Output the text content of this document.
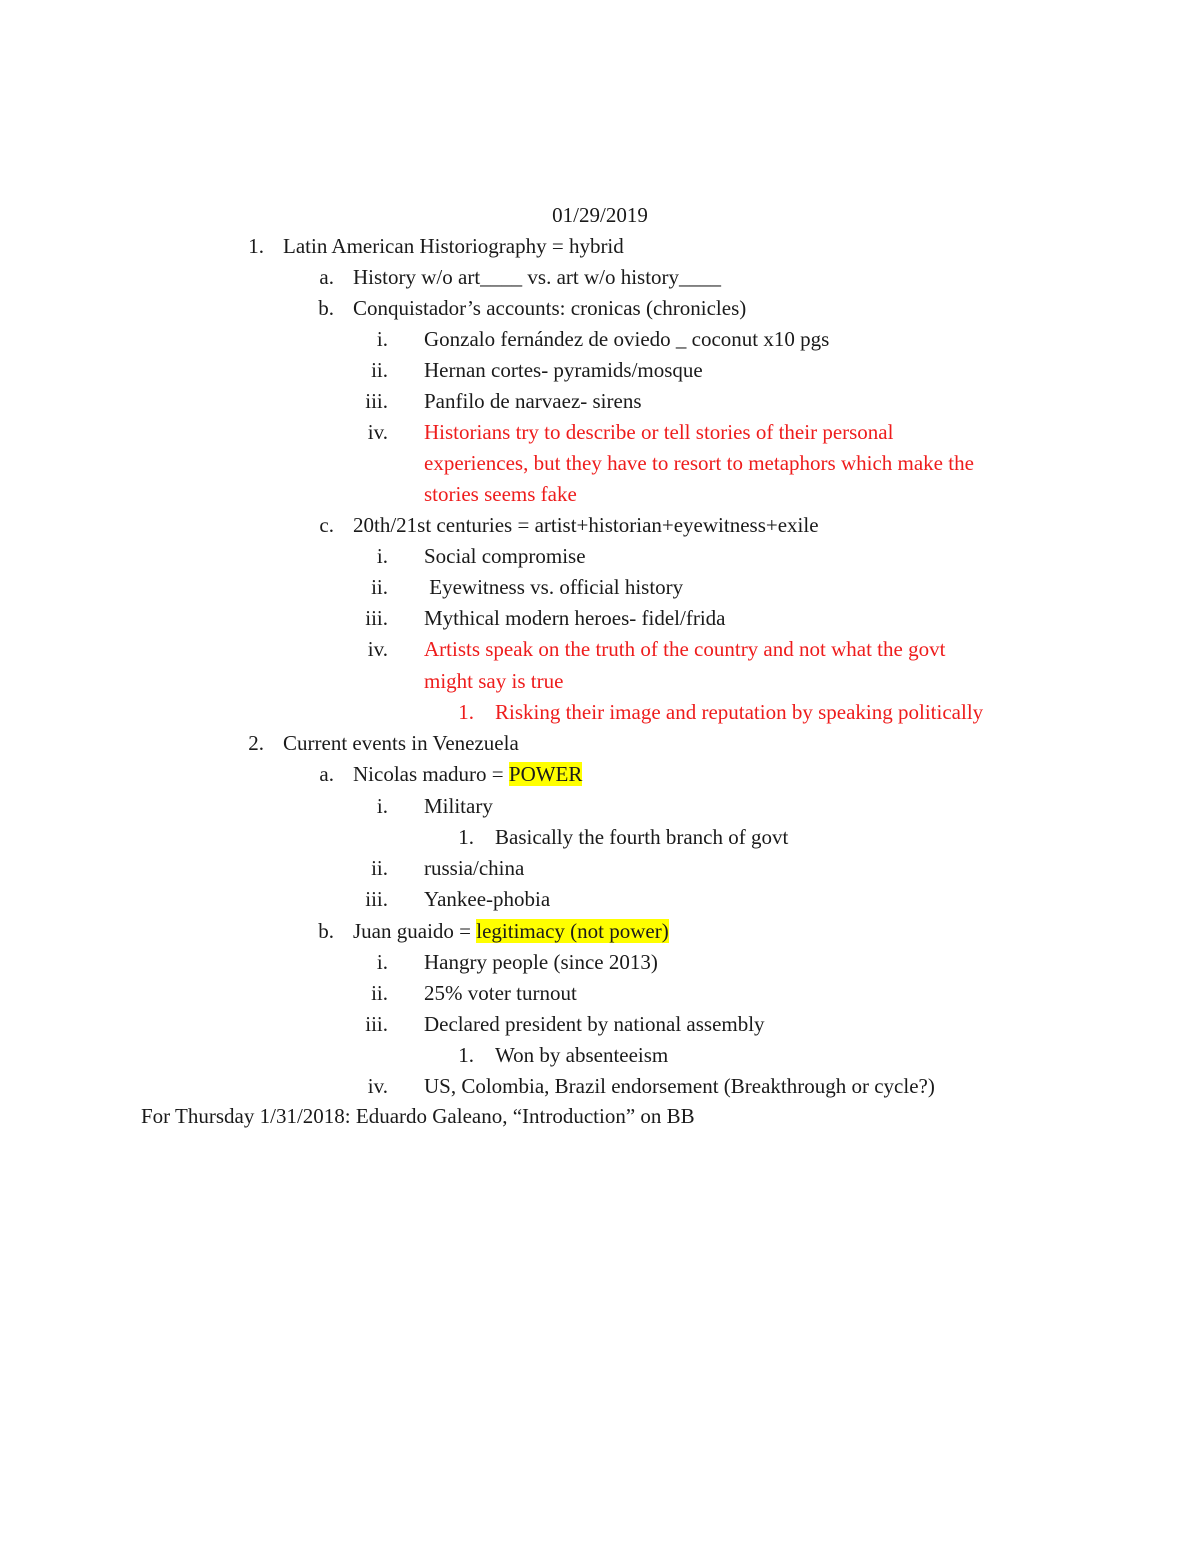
01/29/2019
1. Latin American Historiography = hybrid
a. History w/o art____ vs. art w/o history____
b. Conquistador’s accounts: cronicas (chronicles)
i. Gonzalo fernández de oviedo _ coconut x10 pgs
ii. Hernan cortes- pyramids/mosque
iii. Panfilo de narvaez- sirens
iv. Historians try to describe or tell stories of their personal
experiences, but they have to resort to metaphors which make the
stories seems fake
c. 20th/21st centuries = artist+historian+eyewitness+exile
i. Social compromise
ii. Eyewitness vs. official history
iii. Mythical modern heroes- fidel/frida
iv. Artists speak on the truth of the country and not what the govt
might say is true
1. Risking their image and reputation by speaking politically
2. Current events in Venezuela
a. Nicolas maduro = POWER
i. Military
1. Basically the fourth branch of govt
ii. russia/china
iii. Yankee-phobia
b. Juan guaido = legitimacy (not power)
i. Hangry people (since 2013)
ii. 25% voter turnout
iii. Declared president by national assembly
1. Won by absenteeism
iv. US, Colombia, Brazil endorsement (Breakthrough or cycle?)
For Thursday 1/31/2018: Eduardo Galeano, “Introduction” on BB
